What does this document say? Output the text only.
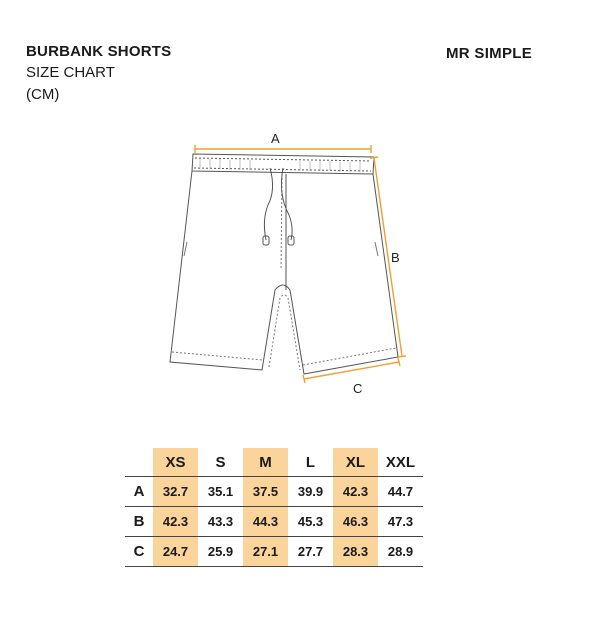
BURBANK SHORTS
SIZE CHART
(CM)
MR SIMPLE
A
B
C
	XS	S	M	L	XL	XXL
A	32.7	35.1	37.5	39.9	42.3	44.7
B	42.3	43.3	44.3	45.3	46.3	47.3
C	24.7	25.9	27.1	27.7	28.3	28.9
